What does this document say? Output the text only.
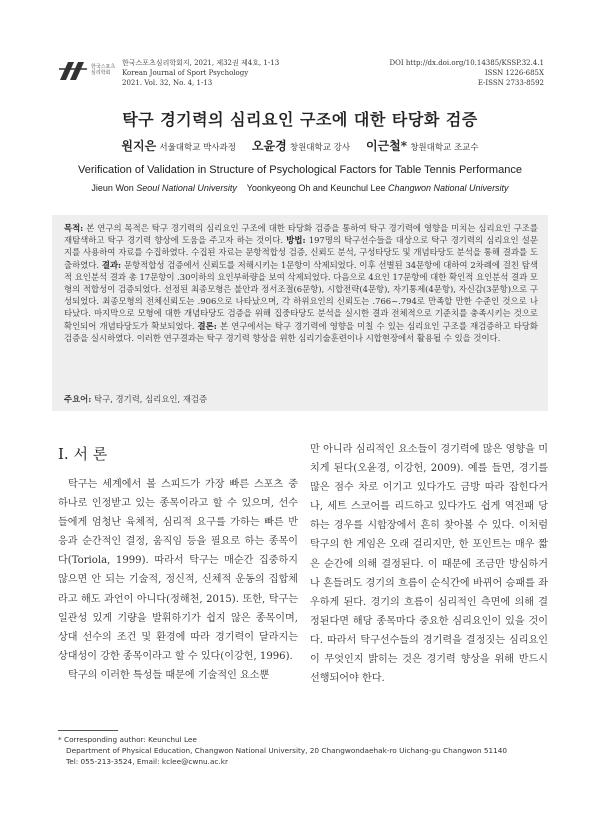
한국스포츠
심리학회
한국스포츠심리학회지, 2021, 제32권 제4호, 1-13
Korean Journal of Sport Psychology
2021. Vol. 32, No. 4, 1-13
DOI http://dx.doi.org/10.14385/KSSP.32.4.1
ISSN 1226-685X
E-ISSN 2733-8592
탁구 경기력의 심리요인 구조에 대한 타당화 검증
원지은 서울대학교 박사과정 오윤경 창원대학교 강사 이근철* 창원대학교 조교수
Verification of Validation in Structure of Psychological Factors for Table Tennis Performance
Jieun Won Seoul National University Yoonkyeong Oh and Keunchul Lee Changwon National University
목적: 본 연구의 목적은 탁구 경기력의 심리요인 구조에 대한 타당화 검증을 통하여 탁구 경기력에 영향을 미치는 심리요인 구조를 재탐색하고 탁구 경기력 향상에 도움을 주고자 하는 것이다. 방법: 197명의 탁구선수들을 대상으로 탁구 경기력의 심리요인 설문지를 사용하여 자료를 수집하였다. 수집된 자료는 문항적합성 검증, 신뢰도 분석, 구성타당도 및 개념타당도 분석을 통해 결과를 도출하였다. 결과: 문항적합성 검증에서 신뢰도를 저해시키는 1문항이 삭제되었다. 이후 선별된 34문항에 대하여 2차례에 걸친 탐색적 요인분석 결과 총 17문항이 .30이하의 요인부하량을 보여 삭제되었다. 다음으로 4요인 17문항에 대한 확인적 요인분석 결과 모형의 적합성이 검증되었다. 선정된 최종모형은 불안과 정서조절(6문항), 시합전략(4문항), 자기통제(4문항), 자신감(3문항)으로 구성되었다. 최종모형의 전체신뢰도는 .906으로 나타났으며, 각 하위요인의 신뢰도는 .766~.794로 만족할 만한 수준인 것으로 나타났다. 마지막으로 모형에 대한 개념타당도 검증을 위해 집중타당도 분석을 실시한 결과 전체적으로 기준치를 충족시키는 것으로 확인되어 개념타당도가 확보되었다. 결론: 본 연구에서는 탁구 경기력에 영향을 미칠 수 있는 심리요인 구조를 재검증하고 타당화 검증을 실시하였다. 이러한 연구결과는 탁구 경기력 향상을 위한 심리기술훈련이나 시합현장에서 활용될 수 있을 것이다.
주요어: 탁구, 경기력, 심리요인, 재검증
Ⅰ. 서 론

탁구는 세계에서 볼 스피드가 가장 빠른 스포츠 중 하나로 인정받고 있는 종목이라고 할 수 있으며, 선수들에게 엄청난 육체적, 심리적 요구를 가하는 빠른 반응과 순간적인 결정, 움직임 등을 필요로 하는 종목이다(Toriola, 1999). 따라서 탁구는 매순간 집중하지 않으면 안 되는 기술적, 정신적, 신체적 운동의 집합체라고 해도 과언이 아니다(정해천, 2015). 또한, 탁구는 일관성 있게 기량을 발휘하기가 쉽지 않은 종목이며, 상대 선수의 조건 및 환경에 따라 경기력이 달라지는 상대성이 강한 종목이라고 할 수 있다(이강헌, 1996).

탁구의 이러한 특성들 때문에 기술적인 요소뿐

만 아니라 심리적인 요소들이 경기력에 많은 영향을 미치게 된다(오윤경, 이강헌, 2009). 예를 들면, 경기를 많은 점수 차로 이기고 있다가도 금방 따라 잡힌다거나, 세트 스코어를 리드하고 있다가도 쉽게 역전패 당하는 경우를 시합장에서 흔히 찾아볼 수 있다. 이처럼 탁구의 한 게임은 오래 걸리지만, 한 포인트는 매우 짧은 순간에 의해 결정된다. 이 때문에 조금만 방심하거나 흔들려도 경기의 흐름이 순식간에 바뀌어 승패를 좌우하게 된다. 경기의 흐름이 심리적인 측면에 의해 결정된다면 해당 종목마다 중요한 심리요인이 있을 것이다. 따라서 탁구선수들의 경기력을 결정짓는 심리요인이 무엇인지 밝히는 것은 경기력 향상을 위해 반드시 선행되어야 한다.

* Corresponding author: Keunchul Lee
Department of Physical Education, Changwon National University, 20 Changwondaehak-ro Uichang-gu Changwon 51140
Tel: 055-213-3524, Email: kclee@cwnu.ac.kr
